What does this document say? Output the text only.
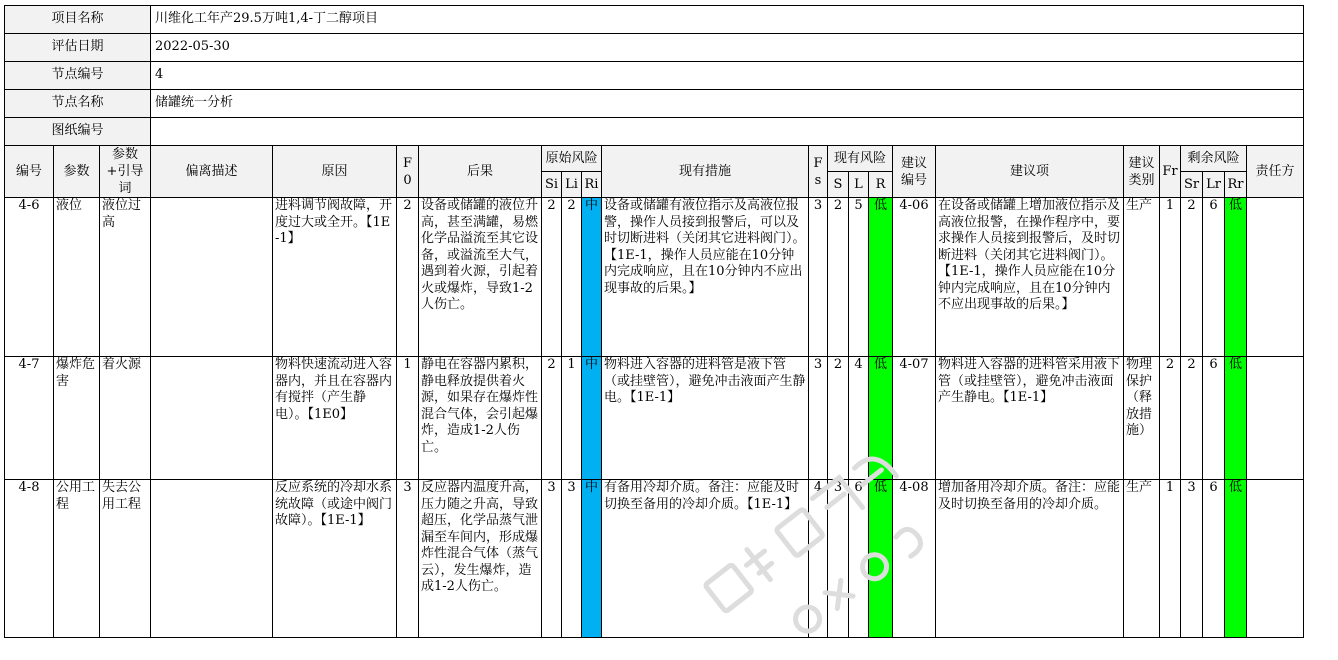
项目名称			川维化工年产29.5万吨1,4-丁二醇项目																			
评估日期			2022-05-30																			
节点编号			4																			
节点名称			储罐统一分析																			
图纸编号																						
编号	参数	参数+引导词	偏离描述	原因	F0	后果	原始风险			现有措施	Fs	现有风险			建议编号	建议项	建议类别	Fr	剩余风险			责任方
							Si	Li	Ri			S	L	R					Sr	Lr	Rr	
4-6	液位	液位过高		进料调节阀故障，开度过大或全开。【1E-1】	2	设备或储罐的液位升高，甚至满罐，易燃化学品溢流至其它设备，或溢流至大气，遇到着火源，引起着火或爆炸，导致1-2人伤亡。	2	2	中	设备或储罐有液位指示及高液位报警，操作人员接到报警后，可以及时切断进料（关闭其它进料阀门）。【1E-1，操作人员应能在10分钟内完成响应，且在10分钟内不应出现事故的后果。】	3	2	5	低	4-06	在设备或储罐上增加液位指示及高液位报警，在操作程序中，要求操作人员接到报警后，及时切断进料（关闭其它进料阀门）。【1E-1，操作人员应能在10分钟内完成响应，且在10分钟内不应出现事故的后果。】	生产	1	2	6	低	
4-7	爆炸危害	着火源		物料快速流动进入容器内，并且在容器内有搅拌（产生静电）。【1E0】	1	静电在容器内累积，静电释放提供着火源，如果存在爆炸性混合气体，会引起爆炸，造成1-2人伤亡。	2	1	中	物料进入容器的进料管是液下管（或挂壁管），避免冲击液面产生静电。【1E-1】	3	2	4	低	4-07	物料进入容器的进料管采用液下管（或挂壁管），避免冲击液面产生静电。【1E-1】	物理保护（释放措施）	2	2	6	低	
4-8	公用工程	失去公用工程		反应系统的冷却水系统故障（或途中阀门故障）。【1E-1】	3	反应器内温度升高，压力随之升高，导致超压，化学品蒸气泄漏至车间内，形成爆炸性混合气体（蒸气云），发生爆炸，造成1-2人伤亡。	3	3	中	有备用冷却介质。备注：应能及时切换至备用的冷却介质。【1E-1】	4	3	6	低	4-08	增加备用冷却介质。备注：应能及时切换至备用的冷却介质。	生产	1	3	6	低	
